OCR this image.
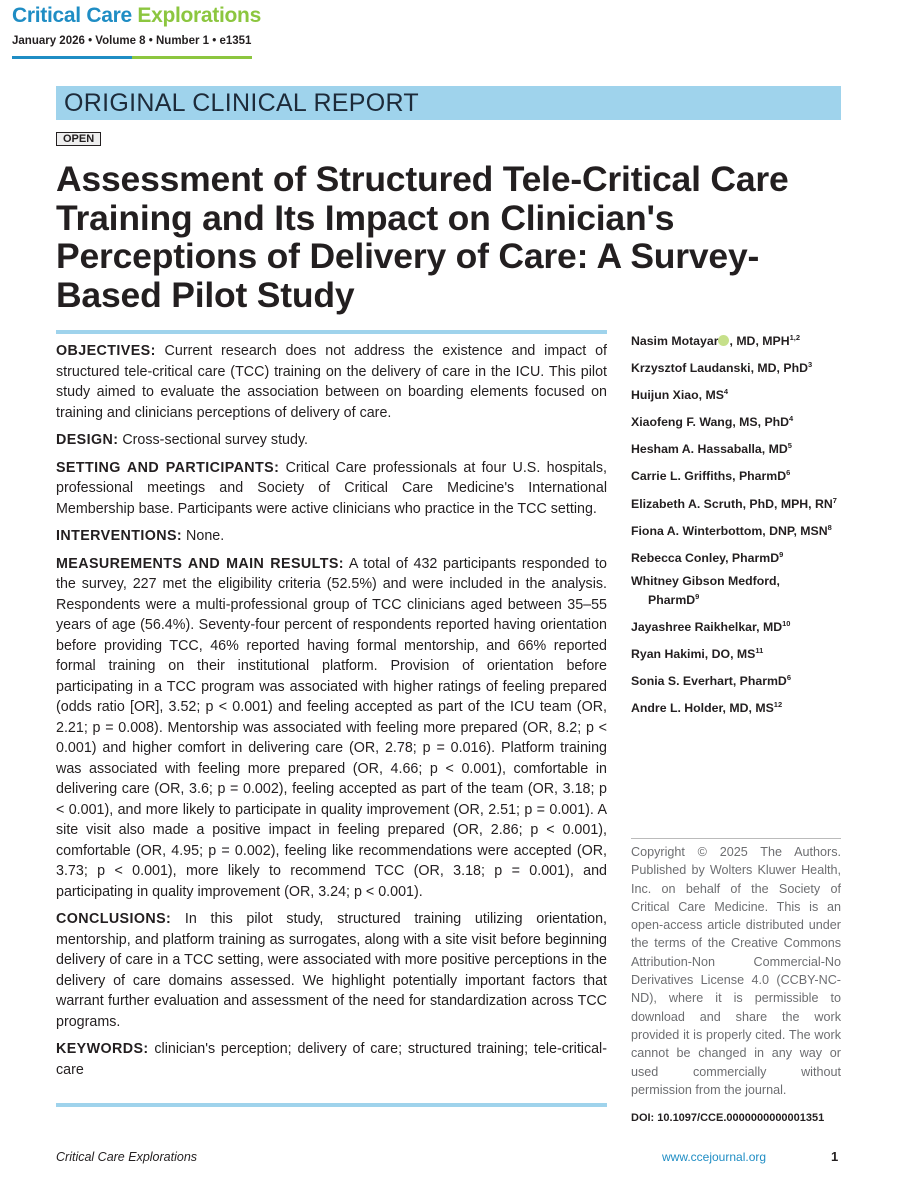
Critical Care Explorations
January 2026 • Volume 8 • Number 1 • e1351
ORIGINAL CLINICAL REPORT
OPEN
Assessment of Structured Tele-Critical Care Training and Its Impact on Clinician's Perceptions of Delivery of Care: A Survey-Based Pilot Study

OBJECTIVES: Current research does not address the existence and impact of structured tele-critical care (TCC) training on the delivery of care in the ICU. This pilot study aimed to evaluate the association between on boarding elements focused on training and clinicians perceptions of delivery of care.

DESIGN: Cross-sectional survey study.

SETTING AND PARTICIPANTS: Critical Care professionals at four U.S. hospitals, professional meetings and Society of Critical Care Medicine's International Membership base. Participants were active clinicians who practice in the TCC setting.

INTERVENTIONS: None.

MEASUREMENTS AND MAIN RESULTS: A total of 432 participants responded to the survey, 227 met the eligibility criteria (52.5%) and were included in the analysis. Respondents were a multi-professional group of TCC clinicians aged between 35–55 years of age (56.4%). Seventy-four percent of respondents reported having orientation before providing TCC, 46% reported having formal mentorship, and 66% reported formal training on their institutional platform. Provision of orientation before participating in a TCC program was associated with higher ratings of feeling prepared (odds ratio [OR], 3.52; p < 0.001) and feeling accepted as part of the ICU team (OR, 2.21; p = 0.008). Mentorship was associated with feeling more prepared (OR, 8.2; p < 0.001) and higher comfort in delivering care (OR, 2.78; p = 0.016). Platform training was associated with feeling more prepared (OR, 4.66; p < 0.001), comfortable in delivering care (OR, 3.6; p = 0.002), feeling accepted as part of the team (OR, 3.18; p < 0.001), and more likely to participate in quality improvement (OR, 2.51; p = 0.001). A site visit also made a positive impact in feeling prepared (OR, 2.86; p < 0.001), comfortable (OR, 4.95; p = 0.002), feeling like recommendations were accepted (OR, 3.73; p < 0.001), more likely to recommend TCC (OR, 3.18; p = 0.001), and participating in quality improvement (OR, 3.24; p < 0.001).

CONCLUSIONS: In this pilot study, structured training utilizing orientation, mentorship, and platform training as surrogates, along with a site visit before beginning delivery of care in a TCC setting, were associated with more positive perceptions in the delivery of care domains assessed. We highlight potentially important factors that warrant further evaluation and assessment of the need for standardization across TCC programs.

KEYWORDS: clinician's perception; delivery of care; structured training; tele-critical-care

Nasim Motayar , MD, MPH$^{1,2}$
Krzysztof Laudanski, MD, PhD$^3$
Huijun Xiao, $MS^4$
Xiaofeng F. Wang, MS, PhD$^4$
Hesham A. Hassaballa, $MD^5$
Carrie L. Griffiths, PharmD$^6$
Elizabeth A. Scruth, PhD, MPH, $RN^7$
Fiona A. Winterbottom, DNP, MSN$^8$
Rebecca Conley, PharmD$^9$
Whitney Gibson Medford, PharmD$^9$
Jayashree Raikhelkar, MD$^{10}$
Ryan Hakimi, DO, MS$^{11}$
Sonia S. Everhart, PharmD$^6$
Andre L. Holder, MD, MS$^{12}$

Copyright © 2025 The Authors. Published by Wolters Kluwer Health, Inc. on behalf of the Society of Critical Care Medicine. This is an open-access article distributed under the terms of the Creative Commons Attribution-Non Commercial-No Derivatives License 4.0 (CCBY-NC-ND), where it is permissible to download and share the work provided it is properly cited. The work cannot be changed in any way or used commercially without permission from the journal.

DOI: 10.1097/CCE.0000000000001351
Critical Care Explorations	www.ccejournal.org	1
